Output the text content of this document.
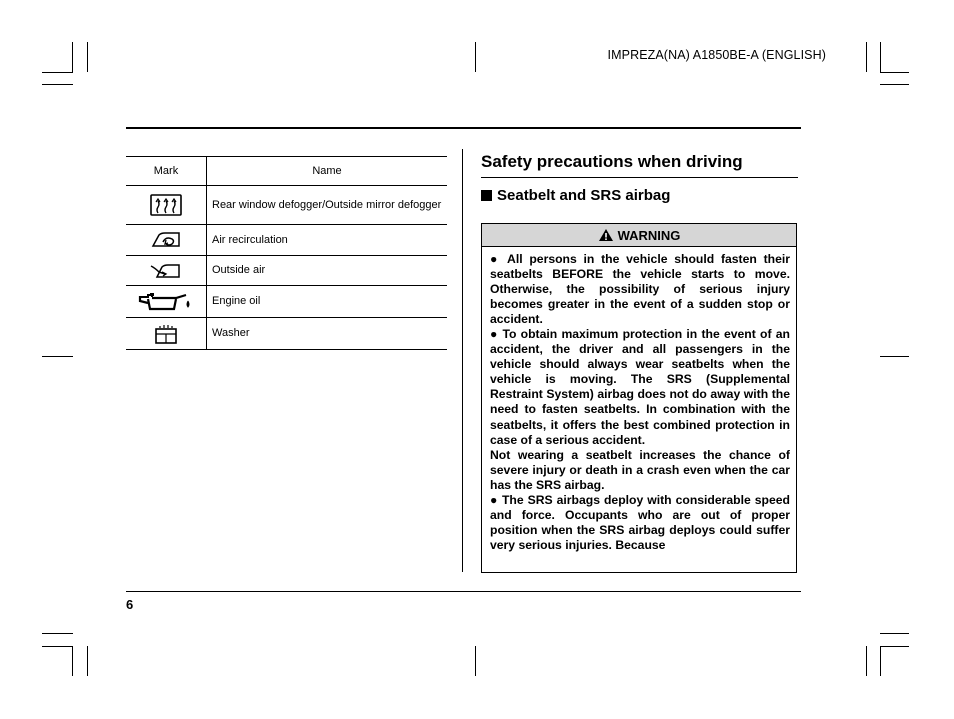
IMPREZA(NA) A1850BE-A (ENGLISH)
Mark	Name

	Rear window defogger/Outside mirror defogger

	Air recirculation

	Outside air

	Engine oil

	Washer
Safety precautions when driving
Seatbelt and SRS airbag
WARNING

● All persons in the vehicle should fasten their seatbelts BEFORE the vehicle starts to move. Otherwise, the possibility of serious injury becomes greater in the event of a sudden stop or accident.

● To obtain maximum protection in the event of an accident, the driver and all passengers in the vehicle should always wear seatbelts when the vehicle is moving. The SRS (Supplemental Restraint System) airbag does not do away with the need to fasten seatbelts. In combination with the seatbelts, it offers the best combined protection in case of a serious accident.

Not wearing a seatbelt increases the chance of severe injury or death in a crash even when the car has the SRS airbag.

● The SRS airbags deploy with considerable speed and force. Occupants who are out of proper position when the SRS airbag deploys could suffer very serious injuries. Because

6
